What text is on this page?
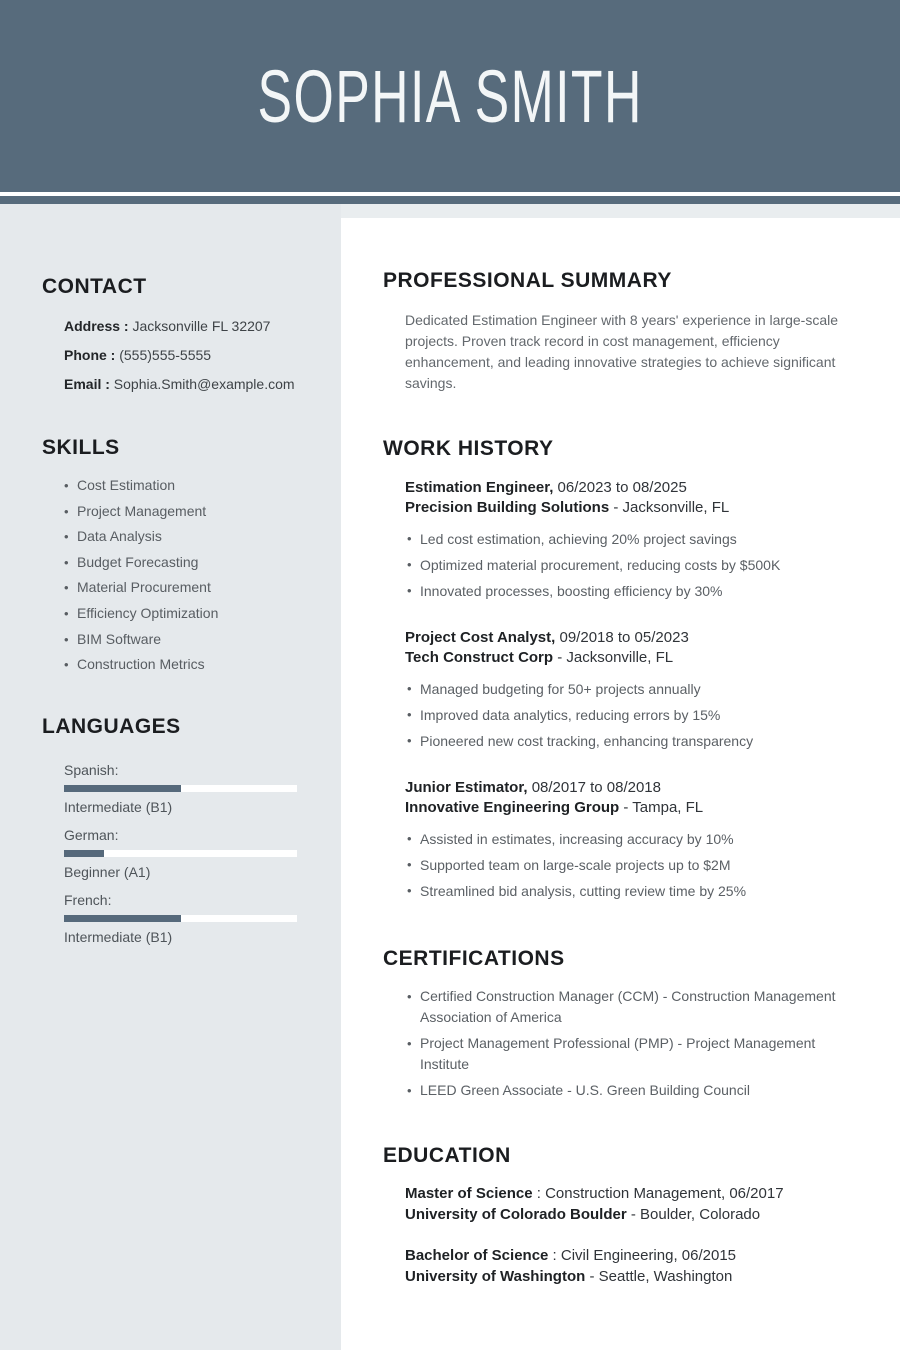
SOPHIA SMITH
CONTACT
Address : Jacksonville FL 32207
Phone : (555)555-5555
Email : Sophia.Smith@example.com
SKILLS
• Cost Estimation
• Project Management
• Data Analysis
• Budget Forecasting
• Material Procurement
• Efficiency Optimization
• BIM Software
• Construction Metrics
LANGUAGES
Spanish:
Intermediate (B1)
German:
Beginner (A1)
French:
Intermediate (B1)
PROFESSIONAL SUMMARY

Dedicated Estimation Engineer with 8 years' experience in large-scale projects. Proven track record in cost management, efficiency enhancement, and leading innovative strategies to achieve significant savings.

WORK HISTORY
Estimation Engineer, 06/2023 to 08/2025
Precision Building Solutions - Jacksonville, FL
• Led cost estimation, achieving 20% project savings
• Optimized material procurement, reducing costs by $500K
• Innovated processes, boosting efficiency by 30%
Project Cost Analyst, 09/2018 to 05/2023
Tech Construct Corp - Jacksonville, FL
• Managed budgeting for 50+ projects annually
• Improved data analytics, reducing errors by 15%
• Pioneered new cost tracking, enhancing transparency
Junior Estimator, 08/2017 to 08/2018
Innovative Engineering Group - Tampa, FL
• Assisted in estimates, increasing accuracy by 10%
• Supported team on large-scale projects up to $2M
• Streamlined bid analysis, cutting review time by 25%
CERTIFICATIONS
• Certified Construction Manager (CCM) - Construction Management Association of America
• Project Management Professional (PMP) - Project Management Institute
• LEED Green Associate - U.S. Green Building Council
EDUCATION
Master of Science : Construction Management, 06/2017
University of Colorado Boulder - Boulder, Colorado
Bachelor of Science : Civil Engineering, 06/2015
University of Washington - Seattle, Washington
